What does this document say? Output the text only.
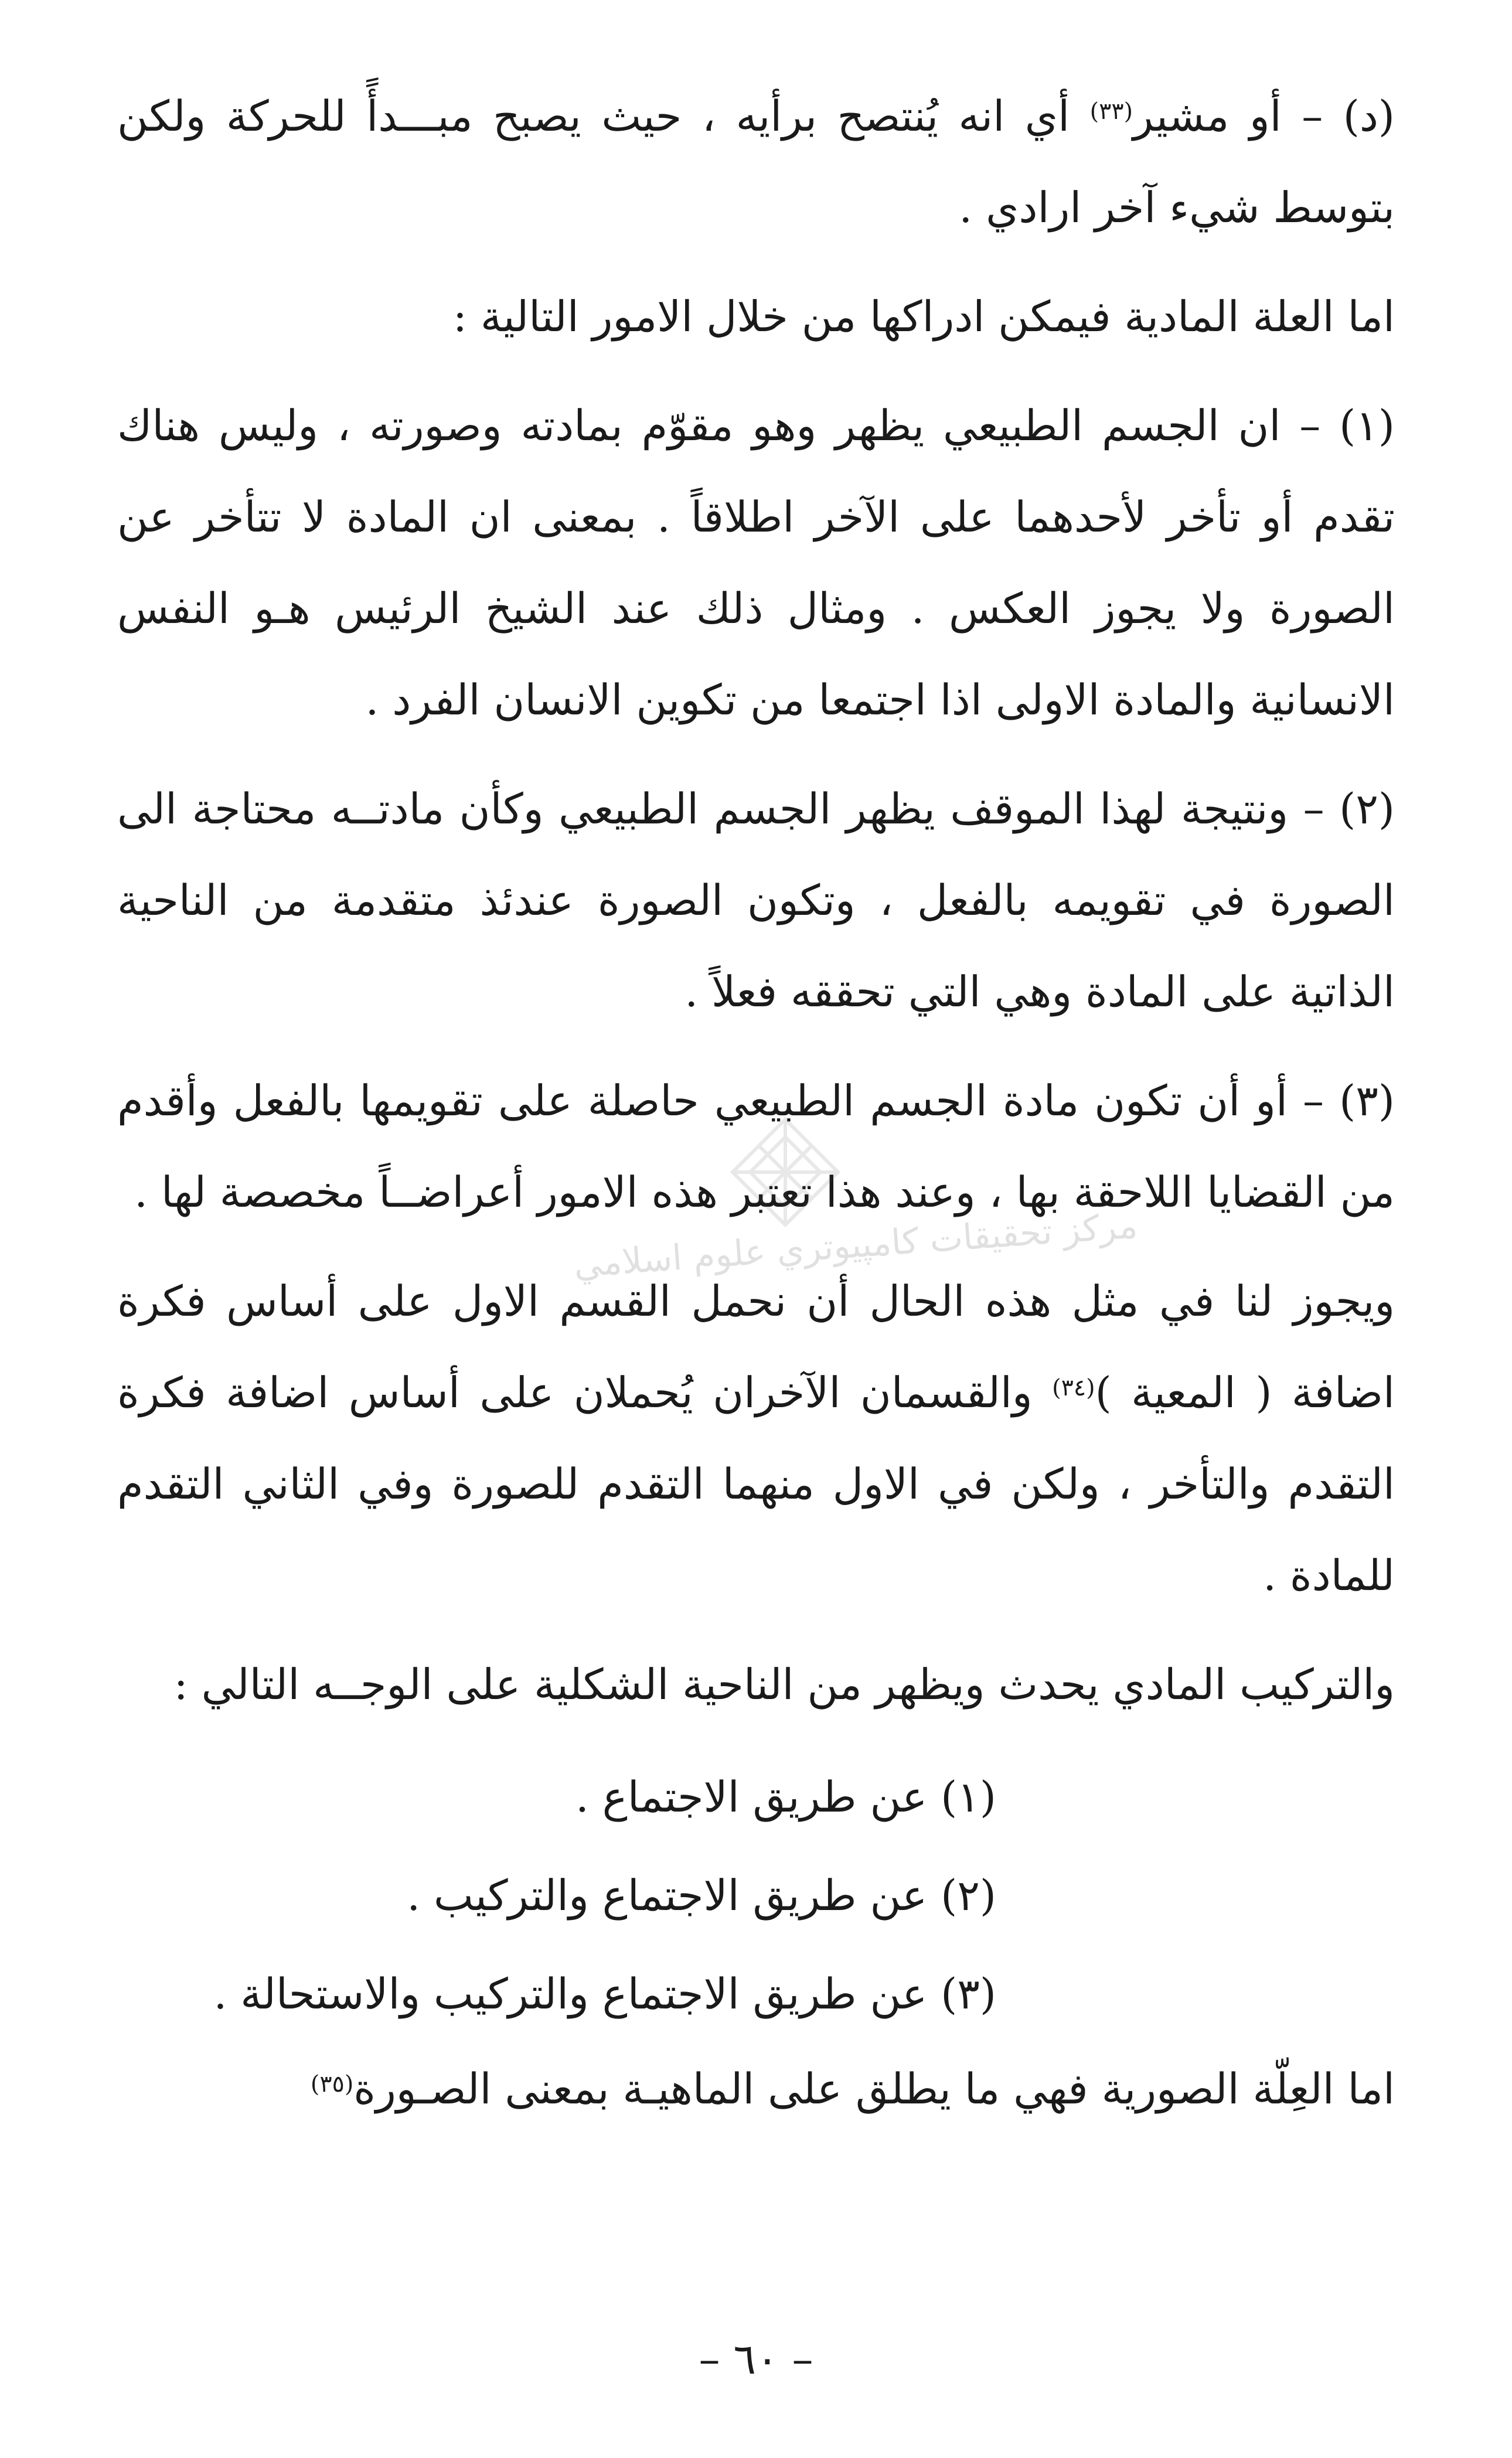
(د) – أو مشير$^{(٣٣)}$ أي انه يُنتصح برأيه ، حيث يصبح مبـــدأً للحركة ولكن بتوسط شيء آخر ارادي .

اما العلة المادية فيمكن ادراكها من خلال الامور التالية :

(١) – ان الجسم الطبيعي يظهر وهو مقوّم بمادته وصورته ، وليس هناك تقدم أو تأخر لأحدهما على الآخر اطلاقاً . بمعنى ان المادة لا تتأخر عن الصورة ولا يجوز العكس . ومثال ذلك عند الشيخ الرئيس هـو النفس الانسانية والمادة الاولى اذا اجتمعا من تكوين الانسان الفرد .

(٢) – ونتيجة لهذا الموقف يظهر الجسم الطبيعي وكأن مادتــه محتاجة الى الصورة في تقويمه بالفعل ، وتكون الصورة عندئذ متقدمة من الناحية الذاتية على المادة وهي التي تحققه فعلاً .

(٣) – أو أن تكون مادة الجسم الطبيعي حاصلة على تقويمها بالفعل وأقدم من القضايا اللاحقة بها ، وعند هذا تعتبر هذه الامور أعراضــاً مخصصة لها .

ويجوز لنا في مثل هذه الحال أن نحمل القسم الاول على أساس فكرة اضافة ( المعية )$^{(٣٤)}$ والقسمان الآخران يُحملان على أساس اضافة فكرة التقدم والتأخر ، ولكن في الاول منهما التقدم للصورة وفي الثاني التقدم للمادة .

والتركيب المادي يحدث ويظهر من الناحية الشكلية على الوجــه التالي :

(١) عن طريق الاجتماع .

(٢) عن طريق الاجتماع والتركيب .

(٣) عن طريق الاجتماع والتركيب والاستحالة .

اما العِلّة الصورية فهي ما يطلق على الماهيـة بمعنى الصـورة$^{(٣٥)}$

مركز تحقيقات كامپيوتري علوم اسلامي
– ٦٠ –
